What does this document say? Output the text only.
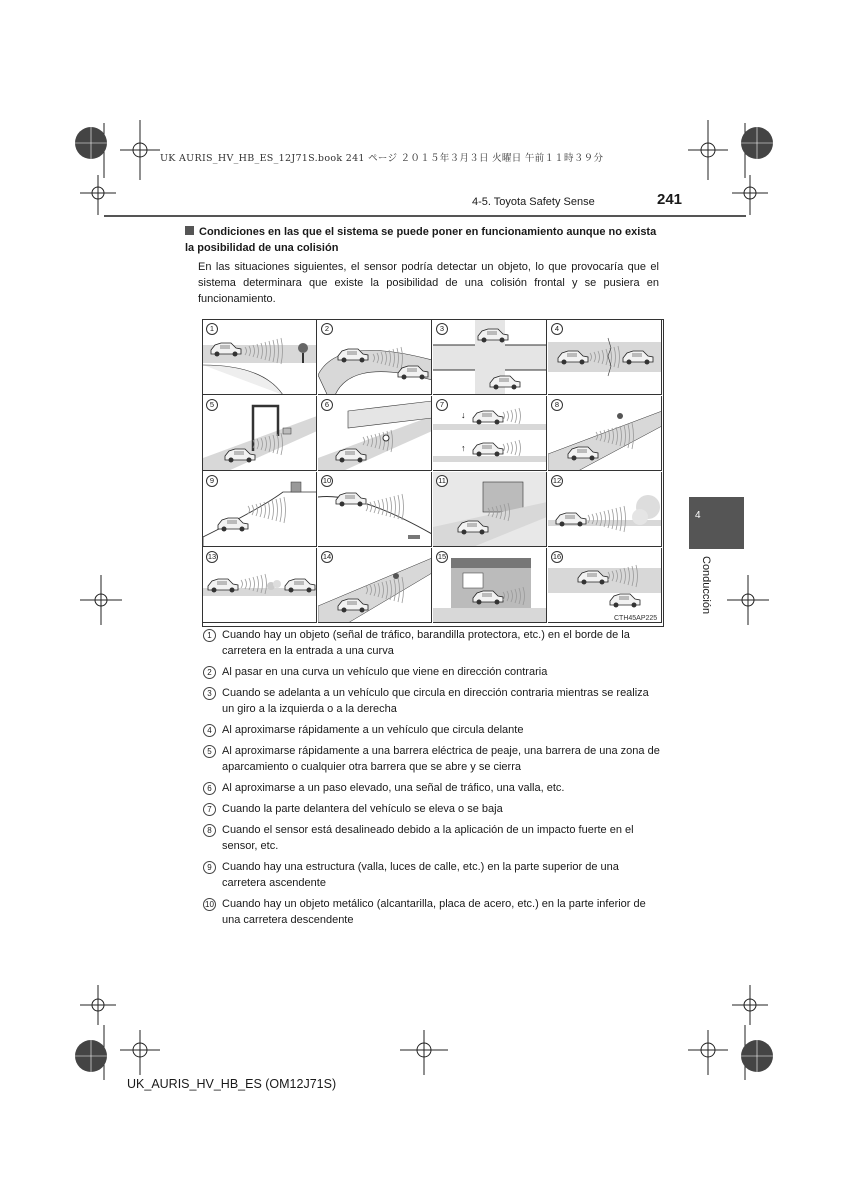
UK AURIS_HV_HB_ES_12J71S.book 241 ページ ２０１５年３月３日 火曜日 午前１１時３９分
4-5. Toyota Safety Sense	241
Condiciones en las que el sistema se puede poner en funcionamiento aunque no exista la posibilidad de una colisión
En las situaciones siguientes, el sensor podría detectar un objeto, lo que provocaría que el sistema determinara que existe la posibilidad de una colisión frontal y se pusiera en funcionamiento.
1	2	3	4
5	6
↓
↑
7	8
9	10	11	12
13	14	15	16
CTH45AP225
1 Cuando hay un objeto (señal de tráfico, barandilla protectora, etc.) en el borde de la carretera en la entrada a una curva
2 Al pasar en una curva un vehículo que viene en dirección contraria
3 Cuando se adelanta a un vehículo que circula en dirección contraria mientras se realiza un giro a la izquierda o a la derecha
4 Al aproximarse rápidamente a un vehículo que circula delante
5 Al aproximarse rápidamente a una barrera eléctrica de peaje, una barrera de una zona de aparcamiento o cualquier otra barrera que se abre y se cierra
6 Al aproximarse a un paso elevado, una señal de tráfico, una valla, etc.
7 Cuando la parte delantera del vehículo se eleva o se baja
8 Cuando el sensor está desalineado debido a la aplicación de un impacto fuerte en el sensor, etc.
9 Cuando hay una estructura (valla, luces de calle, etc.) en la parte superior de una carretera ascendente
10 Cuando hay un objeto metálico (alcantarilla, placa de acero, etc.) en la parte inferior de una carretera descendente
4
Conducción
UK_AURIS_HV_HB_ES (OM12J71S)
